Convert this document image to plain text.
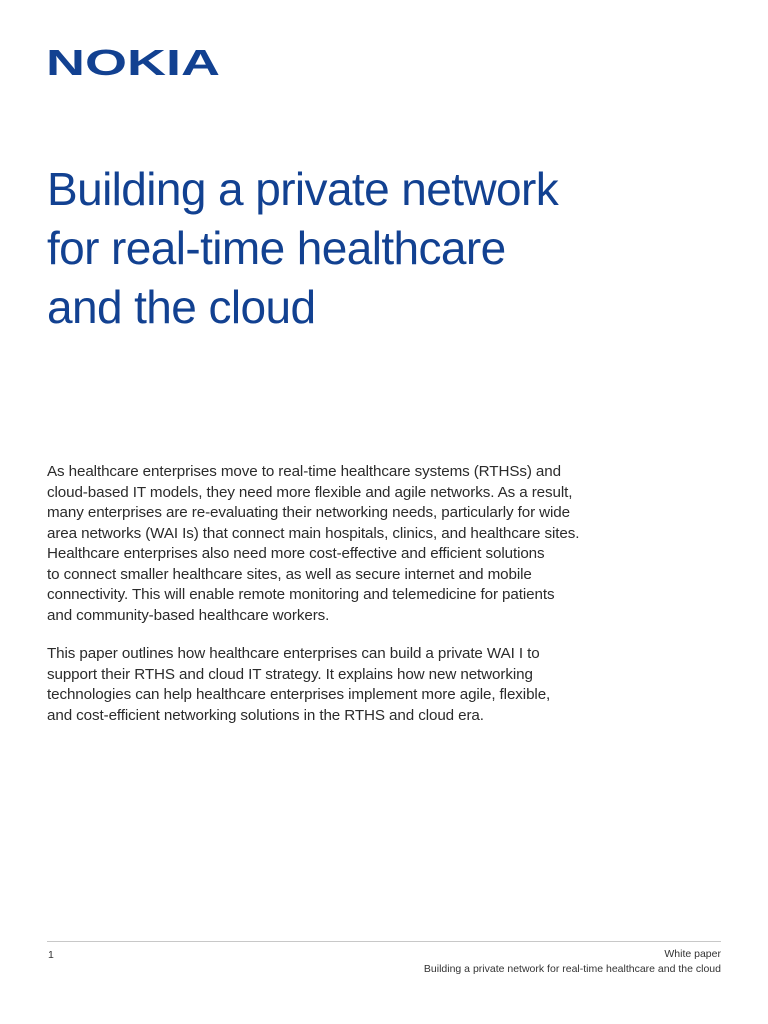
NOKIA
Building a private network
for real-time healthcare
and the cloud
As healthcare enterprises move to real-time healthcare systems (RTHSs) and
cloud-based IT models, they need more flexible and agile networks. As a result,
many enterprises are re-evaluating their networking needs, particularly for wide
area networks (WAI Is) that connect main hospitals, clinics, and healthcare sites.
Healthcare enterprises also need more cost-effective and efficient solutions
to connect smaller healthcare sites, as well as secure internet and mobile
connectivity. This will enable remote monitoring and telemedicine for patients
and community-based healthcare workers.
This paper outlines how healthcare enterprises can build a private WAI I to
support their RTHS and cloud IT strategy. It explains how new networking
technologies can help healthcare enterprises implement more agile, flexible,
and cost-efficient networking solutions in the RTHS and cloud era.
1	White paper
Building a private network for real-time healthcare and the cloud
